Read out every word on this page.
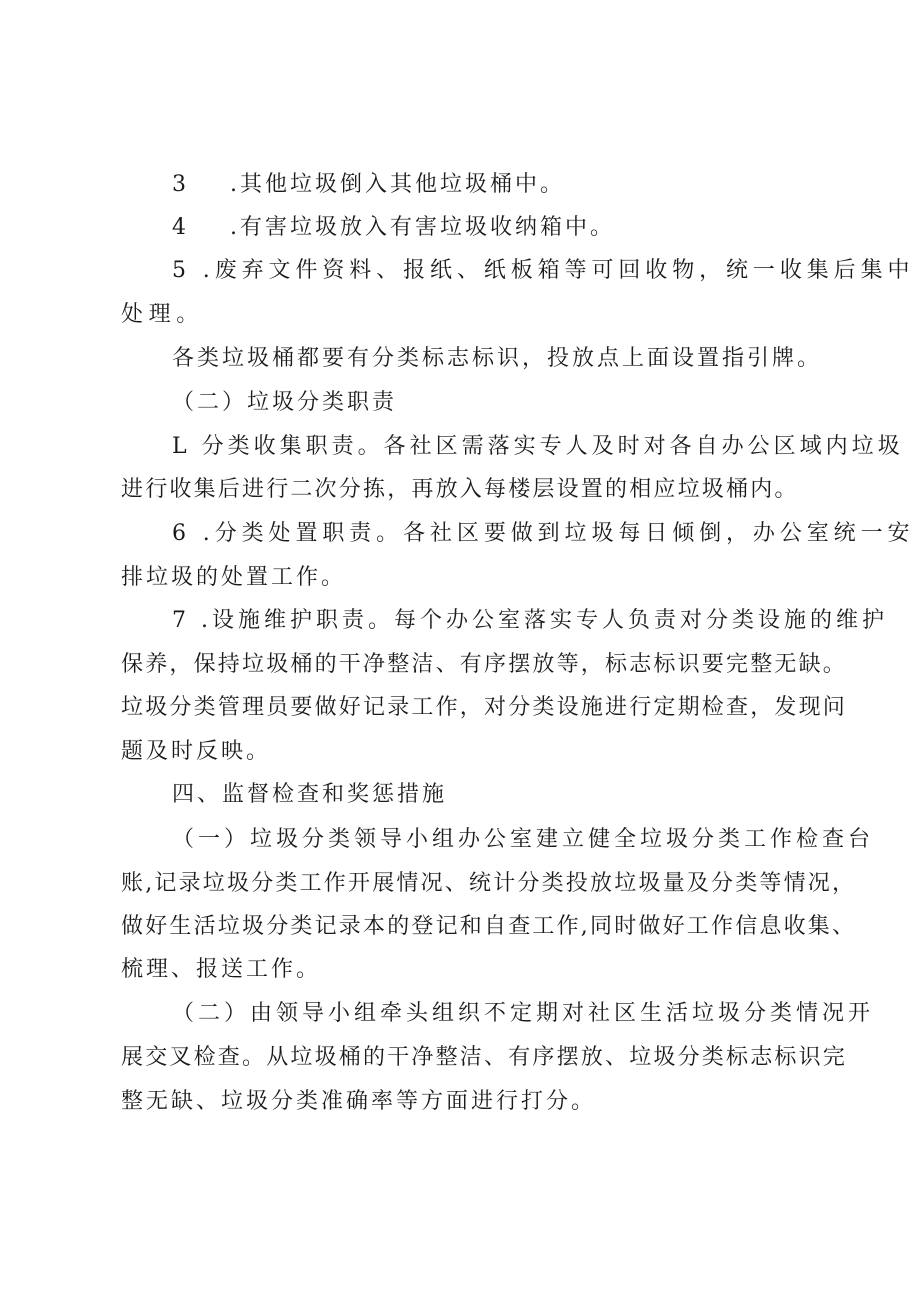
3 .其他垃圾倒入其他垃圾桶中。
4 .有害垃圾放入有害垃圾收纳箱中。
5 .废弃文件资料、报纸、纸板箱等可回收物，统一收集后集中
处理。
各类垃圾桶都要有分类标志标识，投放点上面设置指引牌。
（二）垃圾分类职责
L 分类收集职责。各社区需落实专人及时对各自办公区域内垃圾
进行收集后进行二次分拣，再放入每楼层设置的相应垃圾桶内。
6 .分类处置职责。各社区要做到垃圾每日倾倒，办公室统一安
排垃圾的处置工作。
7 .设施维护职责。每个办公室落实专人负责对分类设施的维护
保养，保持垃圾桶的干净整洁、有序摆放等，标志标识要完整无缺。
垃圾分类管理员要做好记录工作，对分类设施进行定期检查，发现问
题及时反映。
四、监督检查和奖惩措施
（一）垃圾分类领导小组办公室建立健全垃圾分类工作检查台
账,记录垃圾分类工作开展情况、统计分类投放垃圾量及分类等情况，
做好生活垃圾分类记录本的登记和自查工作,同时做好工作信息收集、
梳理、报送工作。
（二）由领导小组牵头组织不定期对社区生活垃圾分类情况开
展交叉检查。从垃圾桶的干净整洁、有序摆放、垃圾分类标志标识完
整无缺、垃圾分类准确率等方面进行打分。
